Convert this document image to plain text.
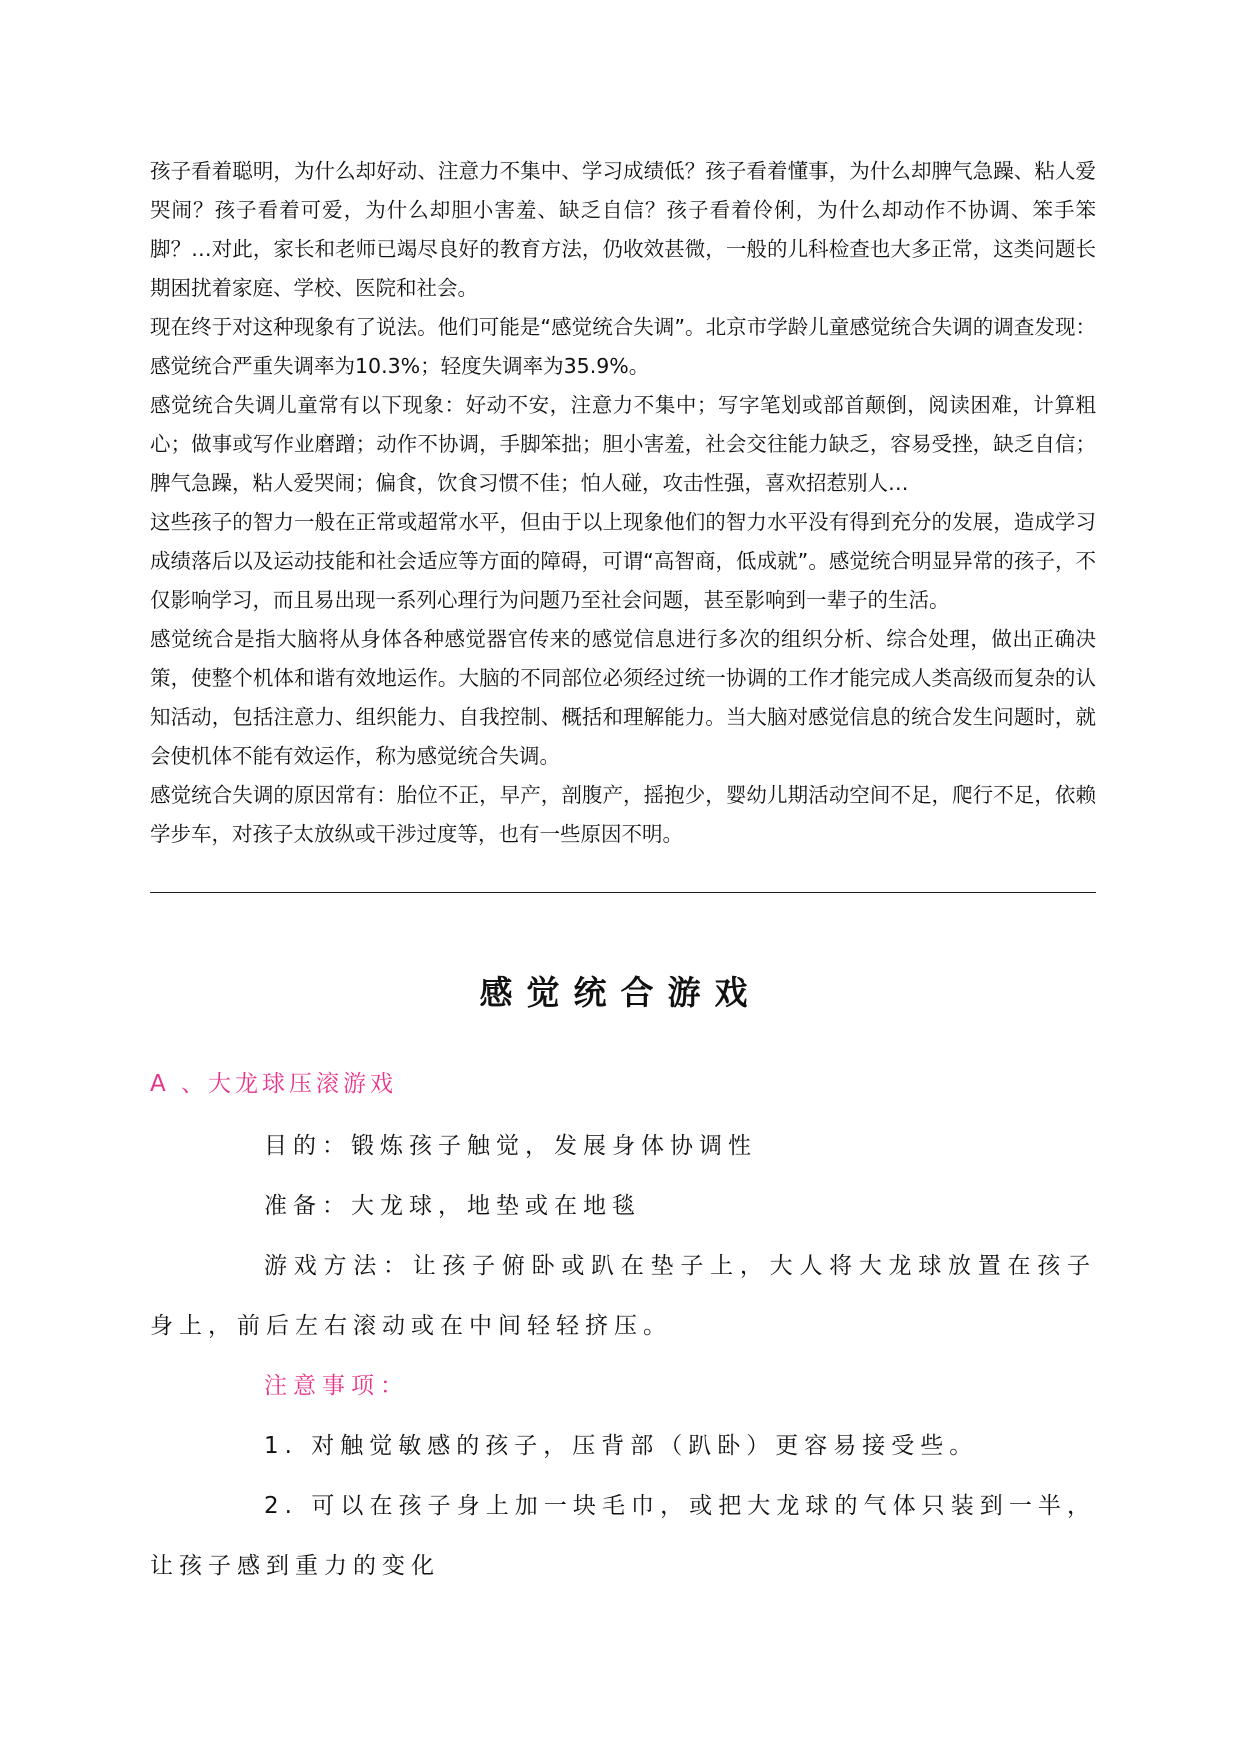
孩子看着聪明，为什么却好动、注意力不集中、学习成绩低？孩子看着懂事，为什么却脾气急躁、粘人爱哭闹？孩子看着可爱，为什么却胆小害羞、缺乏自信？孩子看着伶俐，为什么却动作不协调、笨手笨脚？…对此，家长和老师已竭尽良好的教育方法，仍收效甚微，一般的儿科检查也大多正常，这类问题长期困扰着家庭、学校、医院和社会。

现在终于对这种现象有了说法。他们可能是“感觉统合失调”。北京市学龄儿童感觉统合失调的调查发现：感觉统合严重失调率为10.3%；轻度失调率为35.9%。

感觉统合失调儿童常有以下现象：好动不安，注意力不集中；写字笔划或部首颠倒，阅读困难，计算粗心；做事或写作业磨蹭；动作不协调，手脚笨拙；胆小害羞，社会交往能力缺乏，容易受挫，缺乏自信；脾气急躁，粘人爱哭闹；偏食，饮食习惯不佳；怕人碰，攻击性强，喜欢招惹别人…

这些孩子的智力一般在正常或超常水平，但由于以上现象他们的智力水平没有得到充分的发展，造成学习成绩落后以及运动技能和社会适应等方面的障碍，可谓“高智商，低成就”。感觉统合明显异常的孩子，不仅影响学习，而且易出现一系列心理行为问题乃至社会问题，甚至影响到一辈子的生活。

感觉统合是指大脑将从身体各种感觉器官传来的感觉信息进行多次的组织分析、综合处理，做出正确决策，使整个机体和谐有效地运作。大脑的不同部位必须经过统一协调的工作才能完成人类高级而复杂的认知活动，包括注意力、组织能力、自我控制、概括和理解能力。当大脑对感觉信息的统合发生问题时，就会使机体不能有效运作，称为感觉统合失调。

感觉统合失调的原因常有：胎位不正，早产，剖腹产，摇抱少，婴幼儿期活动空间不足，爬行不足，依赖学步车，对孩子太放纵或干涉过度等，也有一些原因不明。

感觉统合游戏
A 、大龙球压滚游戏

目的：锻炼孩子触觉，发展身体协调性

准备：大龙球，地垫或在地毯

游戏方法：让孩子俯卧或趴在垫子上，大人将大龙球放置在孩子身上，前后左右滚动或在中间轻轻挤压。

注意事项：

1. 对触觉敏感的孩子，压背部（趴卧）更容易接受些。

2. 可以在孩子身上加一块毛巾，或把大龙球的气体只装到一半，让孩子感到重力的变化
